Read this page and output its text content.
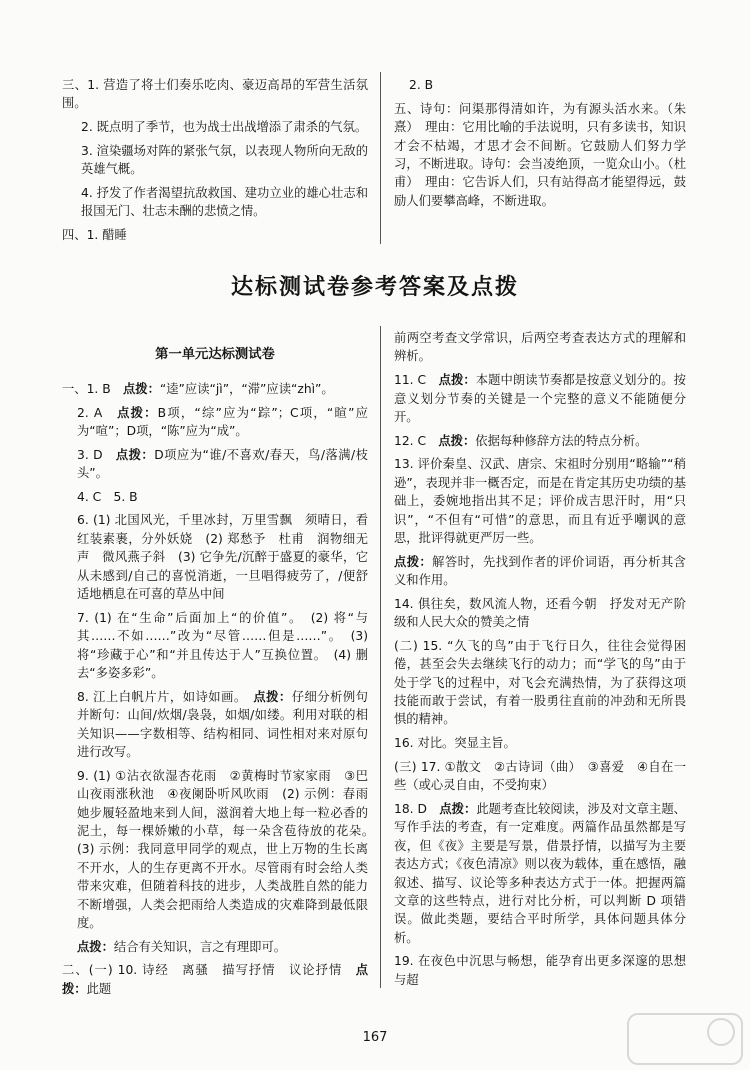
三、1. 营造了将士们奏乐吃肉、豪迈高昂的军营生活氛围。

2. 既点明了季节，也为战士出战增添了肃杀的气氛。

3. 渲染疆场对阵的紧张气氛，以表现人物所向无敌的英雄气概。

4. 抒发了作者渴望抗敌救国、建功立业的雄心壮志和报国无门、壮志未酬的悲愤之情。

四、1. 醋睡

2. B

五、诗句：问渠那得清如许，为有源头活水来。（朱熹）　理由：它用比喻的手法说明，只有多读书，知识才会不枯竭，才思才会不间断。它鼓励人们努力学习，不断进取。诗句：会当凌绝顶，一览众山小。（杜甫）　理由：它告诉人们，只有站得高才能望得远，鼓励人们要攀高峰，不断进取。

达标测试卷参考答案及点拨
第一单元达标测试卷

一、1. B　点拨：“逵”应读“jì”，“滞”应读“zhì”。

2. A　点拨：B项，“综”应为“踪”；C项，“暄”应为“喧”；D项，“陈”应为“成”。

3. D　点拨：D项应为“谁/不喜欢/春天，鸟/落满/枝头”。

4. C　5. B

6. (1) 北国风光，千里冰封，万里雪飘　须晴日，看红装素裹，分外妖娆　(2) 郑愁予　杜甫　润物细无声　微风燕子斜　(3) 它争先/沉醉于盛夏的豪华，它从未感到/自己的喜悦消逝，一旦唱得疲劳了，/便舒适地栖息在可喜的草丛中间

7. (1) 在“生命”后面加上“的价值”。　(2) 将“与其……不如……”改为“尽管……但是……”。　(3) 将“珍藏于心”和“并且传达于人”互换位置。　(4) 删去“多姿多彩”。

8. 江上白帆片片，如诗如画。　点拨：仔细分析例句并断句：山间/炊烟/袅袅，如烟/如缕。利用对联的相关知识——字数相等、结构相同、词性相对来对原句进行改写。

9. (1) ①沾衣欲湿杏花雨　②黄梅时节家家雨　③巴山夜雨涨秋池　④夜阑卧听风吹雨　(2) 示例：春雨　她步履轻盈地来到人间，滋润着大地上每一粒必香的泥土，每一棵娇嫩的小草，每一朵含苞待放的花朵。　(3) 示例：我同意甲同学的观点，世上万物的生长离不开水，人的生存更离不开水。尽管雨有时会给人类带来灾难，但随着科技的进步，人类战胜自然的能力不断增强，人类会把雨给人类造成的灾难降到最低限度。　

点拨：结合有关知识，言之有理即可。

二、(一) 10. 诗经　离骚　描写抒情　议论抒情　点拨：此题

前两空考查文学常识，后两空考查表达方式的理解和辨析。

11. C　点拨：本题中朗读节奏都是按意义划分的。按意义划分节奏的关键是一个完整的意义不能随便分开。

12. C　点拨：依据每种修辞方法的特点分析。

13. 评价秦皇、汉武、唐宗、宋祖时分别用“略输”“稍逊”，表现并非一概否定，而是在肯定其历史功绩的基础上，委婉地指出其不足；评价成吉思汗时，用“只识”，“不但有“可惜”的意思，而且有近乎嘲讽的意思，批评得就更严厉一些。　

点拨：解答时，先找到作者的评价词语，再分析其含义和作用。

14. 俱往矣，数风流人物，还看今朝　抒发对无产阶级和人民大众的赞美之情

(二) 15. “久飞的鸟”由于飞行日久，往往会觉得困倦，甚至会失去继续飞行的动力；而“学飞的鸟”由于处于学飞的过程中，对飞会充满热情，为了获得这项技能而敢于尝试，有着一股勇往直前的冲劲和无所畏惧的精神。

16. 对比。突显主旨。

(三) 17. ①散文　②古诗词（曲）　③喜爱　④自在一些（或心灵自由，不受拘束）

18. D　点拨：此题考查比较阅读，涉及对文章主题、写作手法的考查，有一定难度。两篇作品虽然都是写夜，但《夜》主要是写景，借景抒情，以描写为主要表达方式；《夜色清凉》则以夜为载体，重在感悟，融叙述、描写、议论等多种表达方式于一体。把握两篇文章的这些特点，进行对比分析，可以判断 D 项错误。做此类题，要结合平时所学，具体问题具体分析。

19. 在夜色中沉思与畅想，能孕育出更多深邃的思想与超

167
